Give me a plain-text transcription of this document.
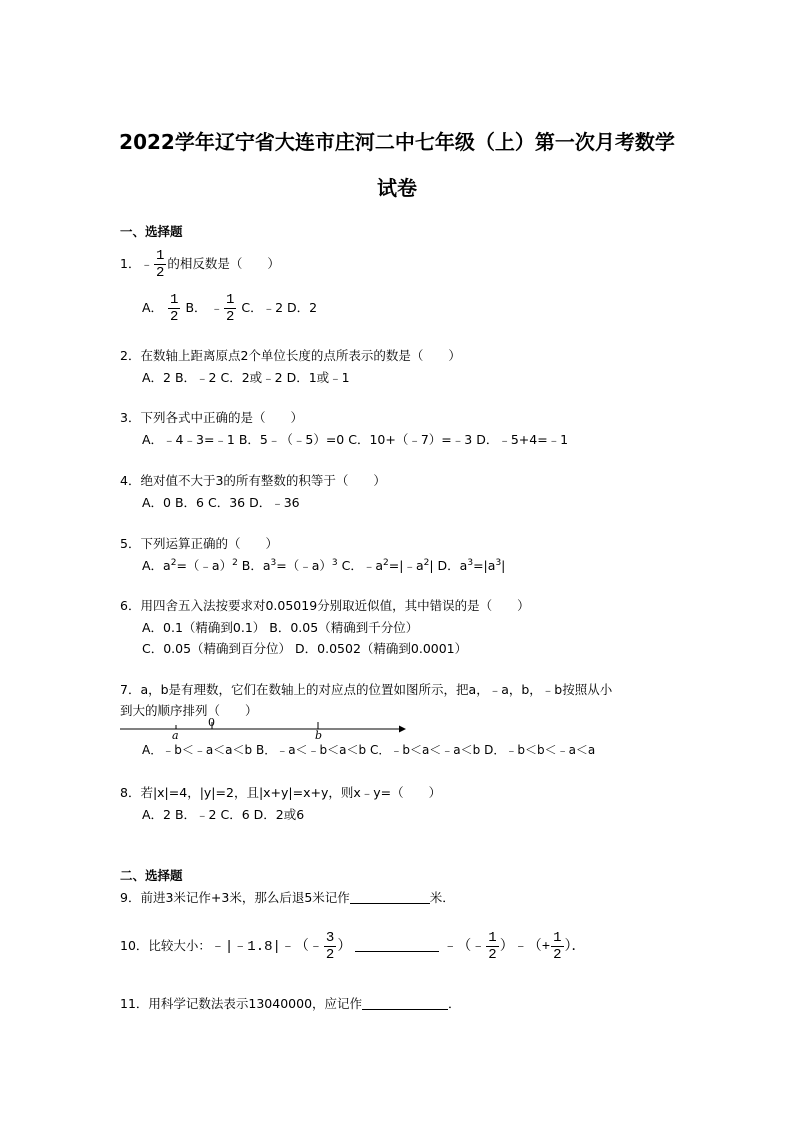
2022学年辽宁省大连市庄河二中七年级（上）第一次月考数学
试卷
一、选择题
1．﹣ $\frac{1}{2}$ 的相反数是（　　）
A． $\frac{1}{2}$ B． ﹣ $\frac{1}{2}$ C．﹣2 D．2
2．在数轴上距离原点2个单位长度的点所表示的数是（　　）
A．2 B．﹣2 C．2或﹣2 D．1或﹣1
3．下列各式中正确的是（　　）
A．﹣4﹣3=﹣1 B．5﹣（﹣5）=0 C．10+（﹣7）=﹣3 D．﹣5+4=﹣1
4．绝对值不大于3的所有整数的积等于（　　）
A．0 B．6 C．36 D．﹣36
5．下列运算正确的（　　）
A．$a^2=(﹣a)^2$ B．$a^3=(﹣a)^3$ C．$﹣a^2=|﹣a^2|$ D．$a^3=|a^3|$
6．用四舍五入法按要求对0.05019分别取近似值，其中错误的是（　　）
A．0.1（精确到0.1） B．0.05（精确到千分位）
C．0.05（精确到百分位） D．0.0502（精确到0.0001）
7．a，b是有理数，它们在数轴上的对应点的位置如图所示，把a，﹣a，b，﹣b按照从小
到大的顺序排列（　　）
a
0
b
A．﹣b＜﹣a＜a＜b B．﹣a＜﹣b＜a＜b C．﹣b＜a＜﹣a＜b D．﹣b＜b＜﹣a＜a
8．若|x|=4，|y|=2，且|x+y|=x+y，则x﹣y=（　　）
A．2 B．﹣2 C．6 D．2或6
二、选择题
9．前进3米记作+3米，那么后退5米记作	米．
10．比较大小：﹣|﹣1.8|﹣（﹣ $\frac{3}{2}$ ）	﹣（﹣ $\frac{1}{2}$ ）﹣（+ $\frac{1}{2}$ ）．
11．用科学记数法表示13040000，应记作	．
